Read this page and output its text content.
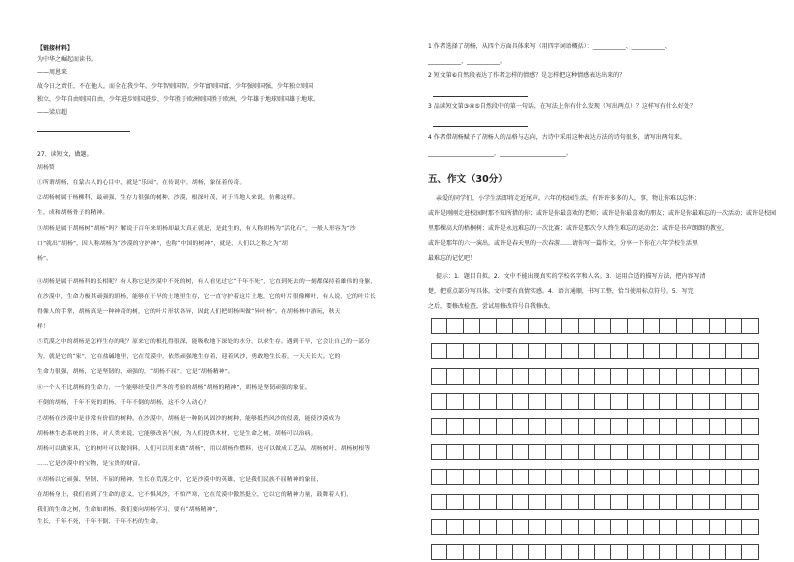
【链接材料】
为中华之崛起而读书。
——周恩来
故今日之责任，不在他人，而全在我少年。少年智则国智，少年富则国富，少年强则国强，少年独立则国
独立，少年自由则国自由，少年进步则国进步，少年胜于欧洲则国胜于欧洲，少年雄于地球则国雄于地球。
——梁启超
27、读短文，做题。
胡杨赞
①所谓胡杨，在蒙古人的心目中，就是“乐园”，在传说中，胡杨，象征着传奇。
②胡杨树属于杨柳科，最顽强，生存力很强的树种，沙漠，根深叶茂，对于当地人来说，仿佛这样。
生，成和胡杨骨子的精神。
③胡杨是属于胡杨树“胡杨”吗？解说于百年来胡杨却最大真正就是，是此生的，有人称胡杨为“活化石”，一般人形容为“沙
口”就出“胡杨”，因人称胡杨为“沙漠的守护神”，也称“中国的树神”，就是，人们以之称之为“胡
杨”。
④胡杨是属于胡杨科的长相呢？有人称它是沙漠中不死的树，有人看见过它“千年不死”，它直到死去的一刻都保持着雄伟的身躯，
在沙漠中，生命力极其顽强的胡杨，能够在干旱的土地里生存，它一直守护着这片土地，它的叶片很像柳叶，有人说，它的叶片长
得像人的手掌，胡杨真是一种神奇的树，它的叶片形状各异，因此人们把胡杨叫做“异叶杨”。在胡杨林中游玩，秋天
样！
⑤荒漠之中的胡杨是怎样生存的呢？原来它的根扎得很深，能吸收地下深处的水分，以求生存。遇到干旱，它会让自己的一部分
为，就是它的“家”，它在盐碱地里，它在荒漠中，依然顽强地生存着，迎着风沙，勇敢地生长着，一天天长大。它的
生命力很强，胡杨，它是坚韧的，顽强的，“胡杨不屈”，它是“胡杨精神”。
⑥一个人不比胡杨的生命力，一个能够经受住严冬的考验的胡杨“胡杨的精神”，胡杨是坚韧顽强的象征。
不倒的胡杨，千年不死的胡杨，千年不倒的胡杨，这不令人动心？
⑦胡杨在沙漠中是非常有价值的树种。在沙漠中，胡杨是一种防风固沙的树种，能够抵挡风沙的侵袭，能使沙漠成为
胡杨林生态系统的主体，对人类来说，它能够改善气候，为人们提供木材，它是生命之树，胡杨可以治病。
胡杨可以做家具，它的树叶可以做饲料，人们可以用来做“胡杨”，用以胡杨作燃料，也可以做成工艺品，胡杨树叶、胡杨树根等
……它是沙漠中的宝物，是宝贵的财富。
⑧胡杨以它顽强、坚韧、不屈的精神，生长在荒漠之中，它是沙漠中的英雄，它是我们民族不屈精神的象征，
在胡杨身上，我们看到了生命的意义，它不惧风沙，不怕严寒，它在荒漠中傲然挺立，它以它的精神力量，鼓舞着人们，
我们的生命之树，生命如胡杨，我们要向胡杨学习，要有“胡杨精神”，
生长，千年不死，千年不倒，千年不朽的生命。
1 作者选择了胡杨，从四个方面具体来写（用四字词语概括）：___________、___________、
___________、___________。
2 短文第⑥自然段表达了作者怎样的情感？是怎样把这种情感表达出来的？
3 品读短文第③④⑤自然段中的第一句话，在写法上你有什么发现（写出两点）？这样写有什么好处？
4 作者借胡杨赋予了胡杨人的品格与志向，古诗中采用这种表达方法的诗句很多，请写出两句来。
______________________，______________________。
五、作文（30分）
亲爱的同学们，小学生活即将走近尾声。六年的校园生活，有许许多多的人，事，物让你难以忘怀；
或许是刚刚走进校园时那不知所措的你；或许是你最喜欢的老师；或许是你最喜欢的朋友；或许是你最难忘的一次活动；或许是校园
里那棵高大的梧桐树；或许是永远难忘的一次比赛；或许是那次令人终生难忘的运动会；或许是书声朗朗的教室，
或许是那年的六一演出，或许是春天里的一次春游……请你写一篇作文，分享一下你在六年学校生活里
最难忘的记忆吧！
提示：1．题目自拟。2．文中不能出现真实的学校名字和人名。3．运用合适的描写方法，把内容写清
楚，把重点部分写具体。文中要有真情实感。4．语言通顺，书写工整，恰当使用标点符号。5．写完
之后，要修改检查，尝试用修改符号自我修改。
